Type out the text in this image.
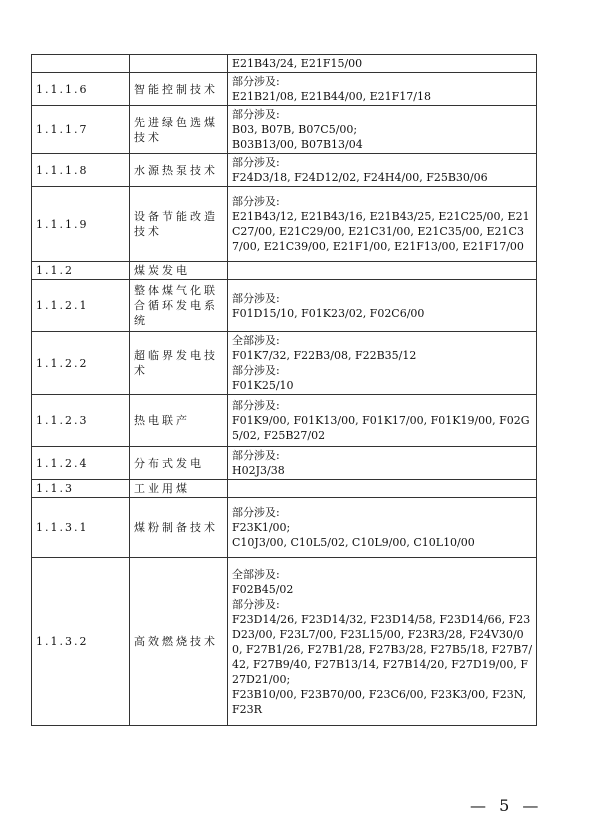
		E21B43/24, E21F15/00

1.1.1.6	智能控制技术	部分涉及:
E21B21/08, E21B44/00, E21F17/18

1.1.1.7	先进绿色选煤技术	部分涉及:
B03, B07B, B07C5/00;
B03B13/00, B07B13/04

1.1.1.8	水源热泵技术	部分涉及:
F24D3/18, F24D12/02, F24H4/00, F25B30/06

1.1.1.9	设备节能改造技术	部分涉及:
E21B43/12, E21B43/16, E21B43/25, E21C25/00, E21C27/00, E21C29/00, E21C31/00, E21C35/00, E21C37/00, E21C39/00, E21F1/00, E21F13/00, E21F17/00

1.1.2	煤炭发电	

1.1.2.1	整体煤气化联合循环发电系统	部分涉及:
F01D15/10, F01K23/02, F02C6/00

1.1.2.2	超临界发电技术	全部涉及:
F01K7/32, F22B3/08, F22B35/12
部分涉及:
F01K25/10

1.1.2.3	热电联产	部分涉及:
F01K9/00, F01K13/00, F01K17/00, F01K19/00, F02G5/02, F25B27/02

1.1.2.4	分布式发电	部分涉及:
H02J3/38

1.1.3	工业用煤	

1.1.3.1	煤粉制备技术	部分涉及:
F23K1/00;
C10J3/00, C10L5/02, C10L9/00, C10L10/00

1.1.3.2	高效燃烧技术	全部涉及:
F02B45/02
部分涉及:
F23D14/26, F23D14/32, F23D14/58, F23D14/66, F23D23/00, F23L7/00, F23L15/00, F23R3/28, F24V30/00, F27B1/26, F27B1/28, F27B3/28, F27B5/18, F27B7/42, F27B9/40, F27B13/14, F27B14/20, F27D19/00, F27D21/00;
F23B10/00, F23B70/00, F23C6/00, F23K3/00, F23N, F23R
— 5 —
